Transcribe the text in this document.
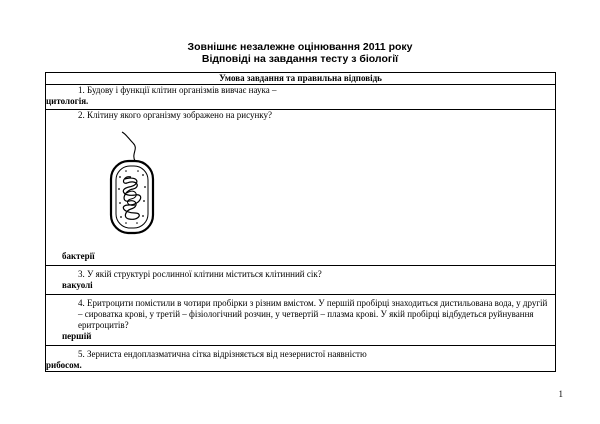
Зовнішнє незалежне оцінювання 2011 року
Відповіді на завдання тесту з біології
Умова завдання та правильна відповідь

1. Будову і функції клітин організмів вивчає наука –
цитологія.

2. Клітину якого організму зображено на рисунку?
бактерії

3. У якій структурі рослинної клітини міститься клітинний сік?
вакуолі

4. Еритроцити помістили в чотири пробірки з різним вмістом. У першій пробірці знаходиться дистильована вода, у другій – сироватка крові, у третій – фізіологічний розчин, у четвертій – плазма крові. У якій пробірці відбудеться руйнування еритроцитів?
першій

5. Зерниста ендоплазматична сітка відрізняється від незернистої наявністю
рибосом.
1
